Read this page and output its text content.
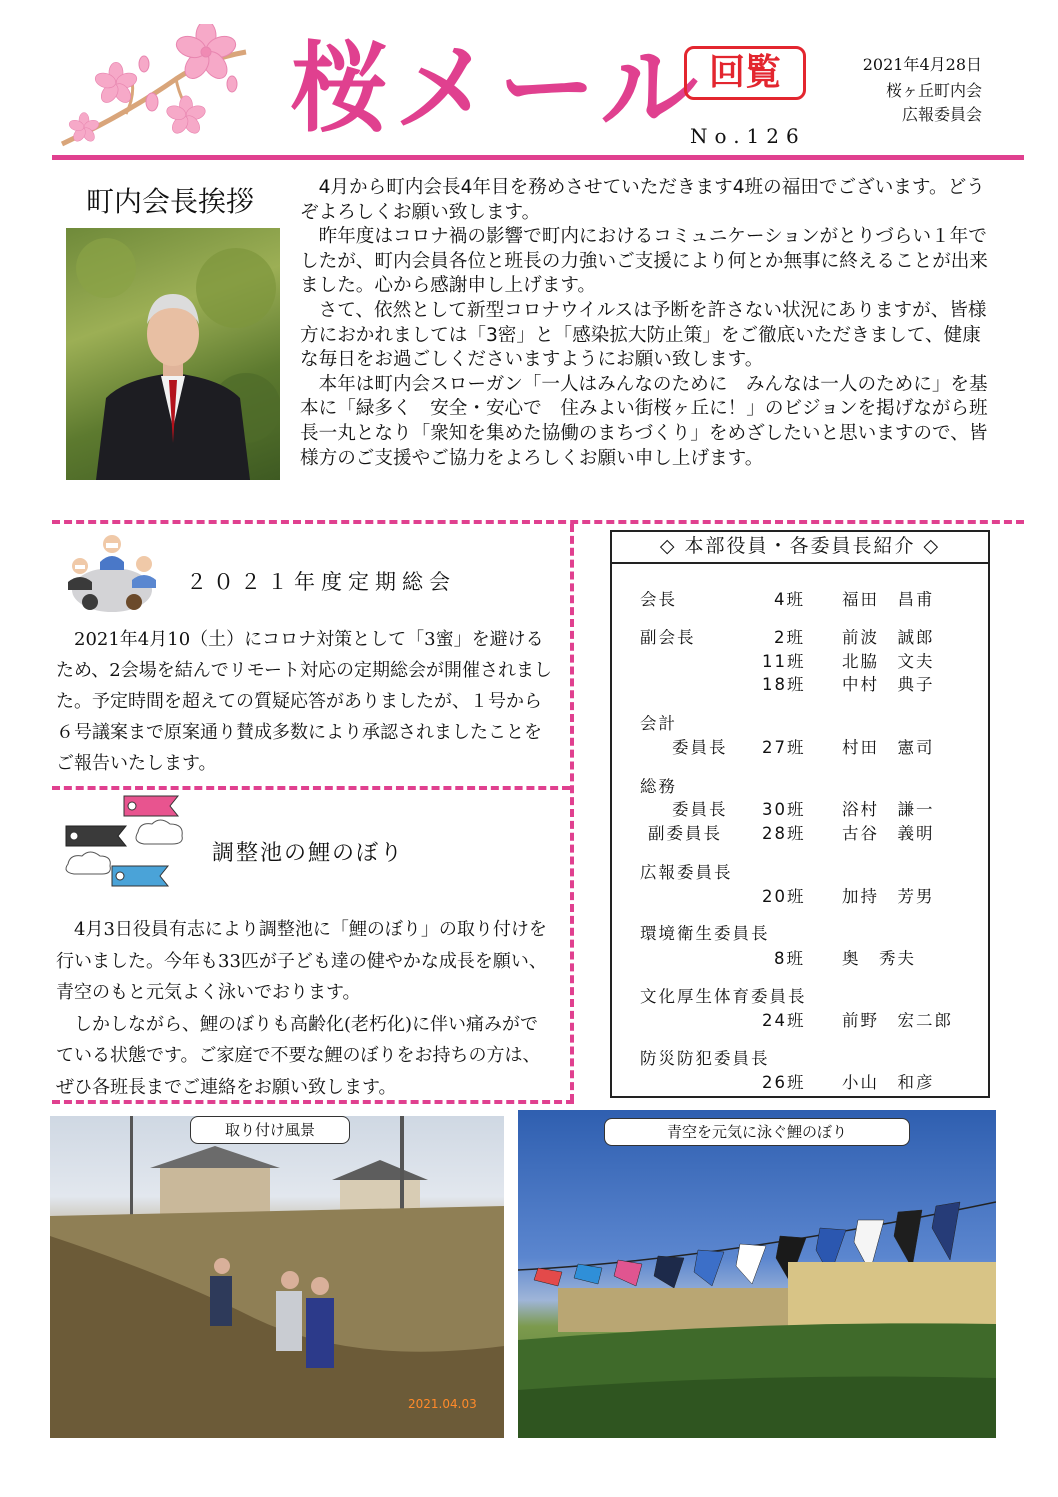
桜メール 回覧
No.126
2021年4月28日
桜ヶ丘町内会
広報委員会
町内会長挨拶	4月から町内会長4年目を務めさせていただきます4班の福田でございます。どうぞよろしくお願い致します。

昨年度はコロナ禍の影響で町内におけるコミュニケーションがとりづらい１年でしたが、町内会員各位と班長の力強いご支援により何とか無事に終えることが出来ました。心から感謝申し上げます。

さて、依然として新型コロナウイルスは予断を許さない状況にありますが、皆様方におかれましては「3密」と「感染拡大防止策」をご徹底いただきまして、健康な毎日をお過ごしくださいますようにお願い致します。

本年は町内会スローガン「一人はみんなのために　みんなは一人のために」を基本に「緑多く　安全・安心で　住みよい街桜ヶ丘に！」のビジョンを掲げながら班長一丸となり「衆知を集めた協働のまちづくり」をめざしたいと思いますので、皆様方のご支援やご協力をよろしくお願い申し上げます。

２０２１年度定期総会

2021年4月10（土）にコロナ対策として「3蜜」を避けるため、2会場を結んでリモート対応の定期総会が開催されました。予定時間を超えての質疑応答がありましたが、１号から６号議案まで原案通り賛成多数により承認されましたことをご報告いたします。

調整池の鯉のぼり

4月3日役員有志により調整池に「鯉のぼり」の取り付けを行いました。今年も33匹が子ども達の健やかな成長を願い、青空のもと元気よく泳いでおります。

しかしながら、鯉のぼりも高齢化(老朽化)に伴い痛みがでている状態です。ご家庭で不要な鯉のぼりをお持ちの方は、ぜひ各班長までご連絡をお願い致します。

◇ 本部役員・各委員長紹介 ◇
会長	4班 福田　昌甫
副会長	2班 前波　誠郎
11班 北脇　文夫
18班 中村　典子
会計
委員長 27班 村田　憲司
総務
委員長 30班 浴村　謙一
副委員長 28班 古谷　義明
広報委員長
20班 加持　芳男
環境衛生委員長
8班 奥　秀夫
文化厚生体育委員長
24班 前野　宏二郎
防災防犯委員長
26班 小山　和彦
取り付け風景
2021.04.03
青空を元気に泳ぐ鯉のぼり
